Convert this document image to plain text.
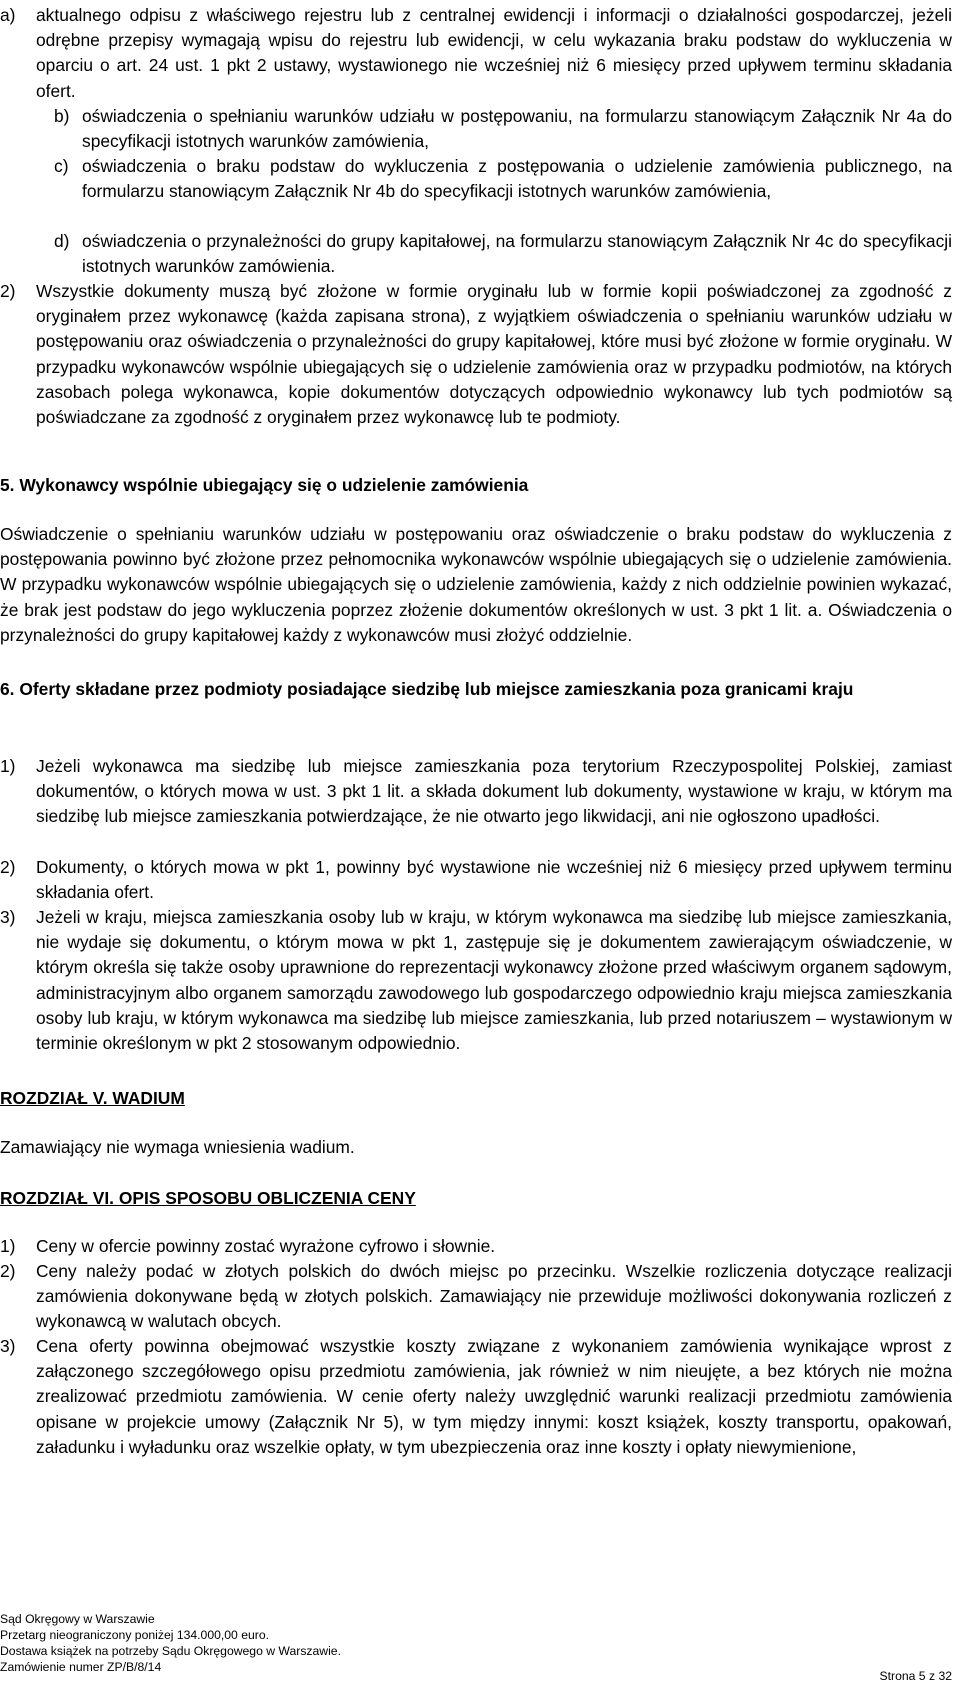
a)	aktualnego odpisu z właściwego rejestru lub z centralnej ewidencji i informacji o działalności gospodarczej, jeżeli odrębne przepisy wymagają wpisu do rejestru lub ewidencji, w celu wykazania braku podstaw do wykluczenia w oparciu o art. 24 ust. 1 pkt 2 ustawy, wystawionego nie wcześniej niż 6 miesięcy przed upływem terminu składania ofert.
b) oświadczenia o spełnianiu warunków udziału w postępowaniu, na formularzu stanowiącym Załącznik Nr 4a do specyfikacji istotnych warunków zamówienia,
c) oświadczenia o braku podstaw do wykluczenia z postępowania o udzielenie zamówienia publicznego, na formularzu stanowiącym Załącznik Nr 4b do specyfikacji istotnych warunków zamówienia,
d) oświadczenia o przynależności do grupy kapitałowej, na formularzu stanowiącym Załącznik Nr 4c do specyfikacji istotnych warunków zamówienia.
2)	Wszystkie dokumenty muszą być złożone w formie oryginału lub w formie kopii poświadczonej za zgodność z oryginałem przez wykonawcę (każda zapisana strona), z wyjątkiem oświadczenia o spełnianiu warunków udziału w postępowaniu oraz oświadczenia o przynależności do grupy kapitałowej, które musi być złożone w formie oryginału. W przypadku wykonawców wspólnie ubiegających się o udzielenie zamówienia oraz w przypadku podmiotów, na których zasobach polega wykonawca, kopie dokumentów dotyczących odpowiednio wykonawcy lub tych podmiotów są poświadczane za zgodność z oryginałem przez wykonawcę lub te podmioty.
5. Wykonawcy wspólnie ubiegający się o udzielenie zamówienia

Oświadczenie o spełnianiu warunków udziału w postępowaniu oraz oświadczenie o braku podstaw do wykluczenia z postępowania powinno być złożone przez pełnomocnika wykonawców wspólnie ubiegających się o udzielenie zamówienia. W przypadku wykonawców wspólnie ubiegających się o udzielenie zamówienia, każdy z nich oddzielnie powinien wykazać, że brak jest podstaw do jego wykluczenia poprzez złożenie dokumentów określonych w ust. 3 pkt 1 lit. a. Oświadczenia o przynależności do grupy kapitałowej każdy z wykonawców musi złożyć oddzielnie.

6. Oferty składane przez podmioty posiadające siedzibę lub miejsce zamieszkania poza granicami kraju
1)	Jeżeli wykonawca ma siedzibę lub miejsce zamieszkania poza terytorium Rzeczypospolitej Polskiej, zamiast dokumentów, o których mowa w ust. 3 pkt 1 lit. a składa dokument lub dokumenty, wystawione w kraju, w którym ma siedzibę lub miejsce zamieszkania potwierdzające, że nie otwarto jego likwidacji, ani nie ogłoszono upadłości.
2)	Dokumenty, o których mowa w pkt 1, powinny być wystawione nie wcześniej niż 6 miesięcy przed upływem terminu składania ofert.
3)	Jeżeli w kraju, miejsca zamieszkania osoby lub w kraju, w którym wykonawca ma siedzibę lub miejsce zamieszkania, nie wydaje się dokumentu, o którym mowa w pkt 1, zastępuje się je dokumentem zawierającym oświadczenie, w którym określa się także osoby uprawnione do reprezentacji wykonawcy złożone przed właściwym organem sądowym, administracyjnym albo organem samorządu zawodowego lub gospodarczego odpowiednio kraju miejsca zamieszkania osoby lub kraju, w którym wykonawca ma siedzibę lub miejsce zamieszkania, lub przed notariuszem – wystawionym w terminie określonym w pkt 2 stosowanym odpowiednio.
ROZDZIAŁ V. WADIUM

Zamawiający nie wymaga wniesienia wadium.

ROZDZIAŁ VI. OPIS SPOSOBU OBLICZENIA CENY
1)	Ceny w ofercie powinny zostać wyrażone cyfrowo i słownie.
2)	Ceny należy podać w złotych polskich do dwóch miejsc po przecinku. Wszelkie rozliczenia dotyczące realizacji zamówienia dokonywane będą w złotych polskich. Zamawiający nie przewiduje możliwości dokonywania rozliczeń z wykonawcą w walutach obcych.
3)	Cena oferty powinna obejmować wszystkie koszty związane z wykonaniem zamówienia wynikające wprost z załączonego szczegółowego opisu przedmiotu zamówienia, jak również w nim nieujęte, a bez których nie można zrealizować przedmiotu zamówienia. W cenie oferty należy uwzględnić warunki realizacji przedmiotu zamówienia opisane w projekcie umowy (Załącznik Nr 5), w tym między innymi: koszt książek, koszty transportu, opakowań, załadunku i wyładunku oraz wszelkie opłaty, w tym ubezpieczenia oraz inne koszty i opłaty niewymienione,
Sąd Okręgowy w Warszawie
Przetarg nieograniczony poniżej 134.000,00 euro.
Dostawa książek na potrzeby Sądu Okręgowego w Warszawie.
Zamówienie numer ZP/B/8/14
Strona 5 z 32
